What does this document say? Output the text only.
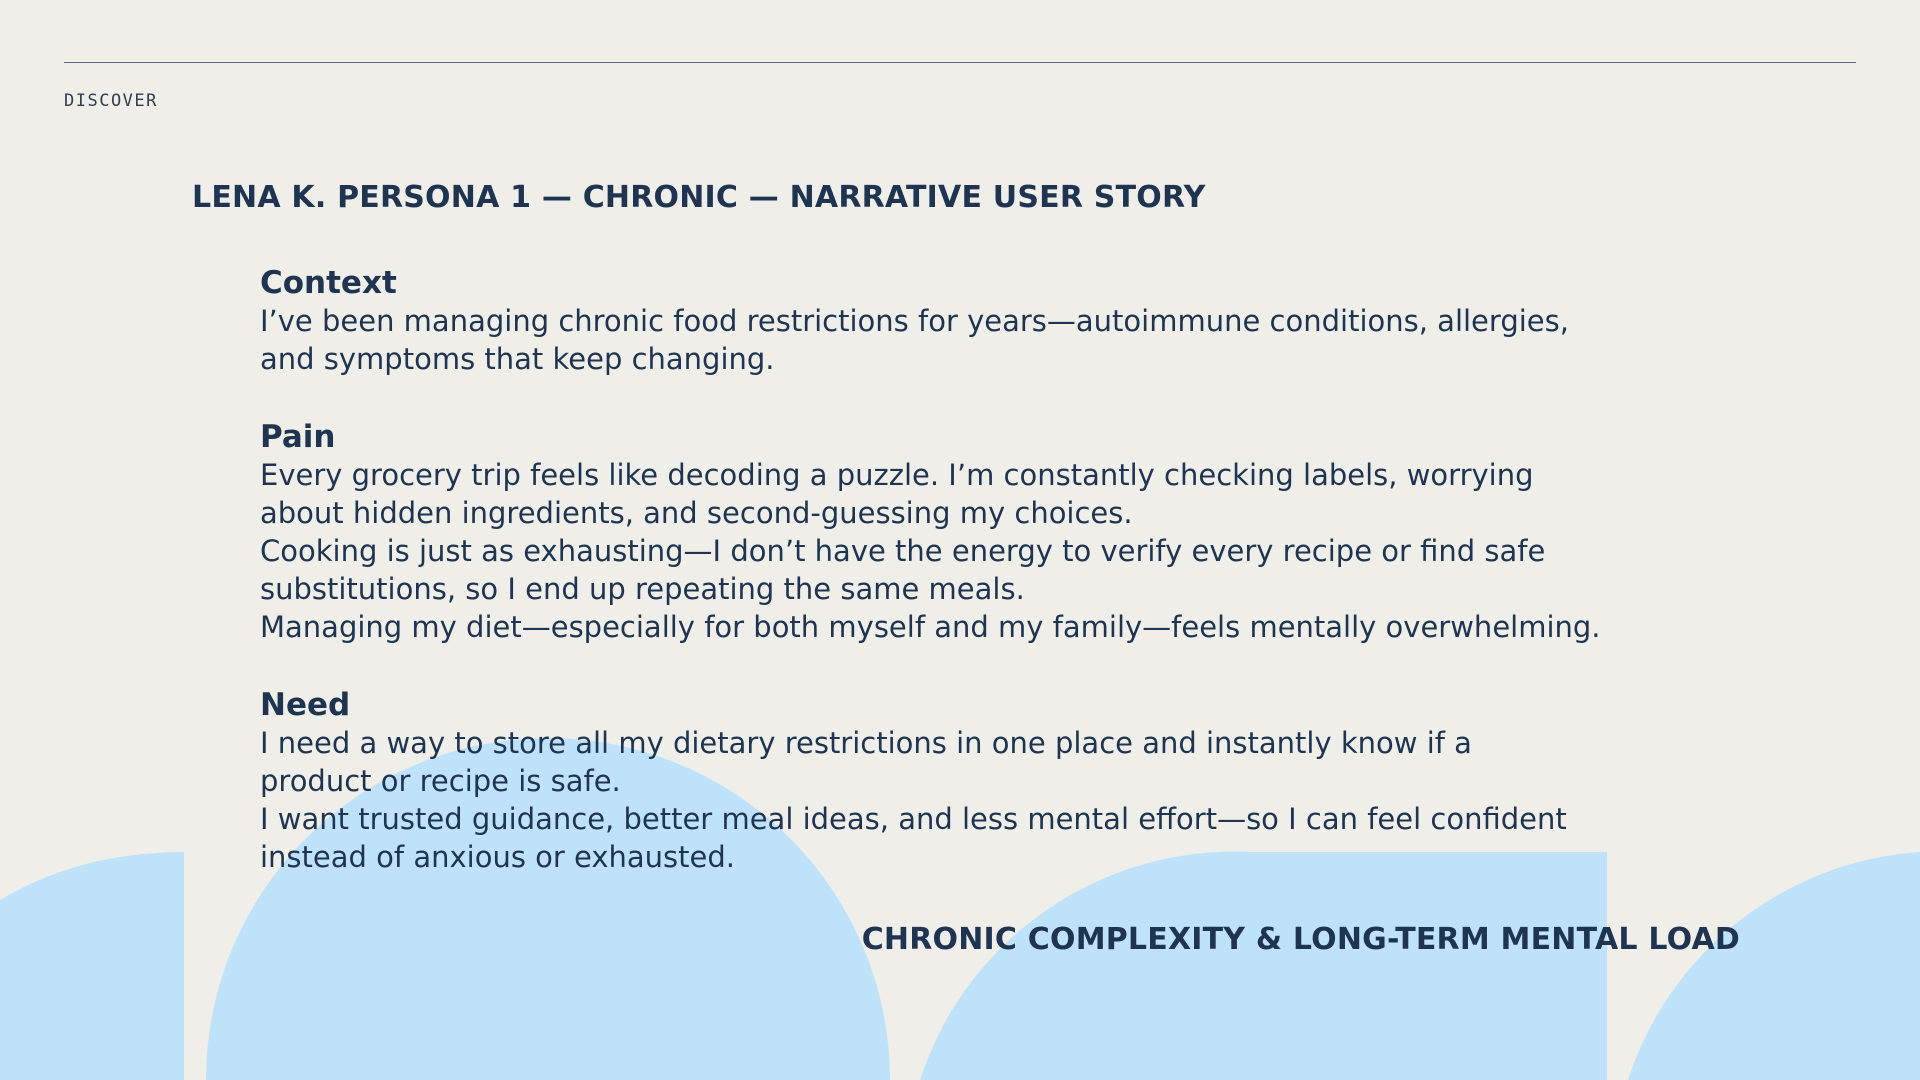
DISCOVER
LENA K. PERSONA 1 — CHRONIC — NARRATIVE USER STORY
Context
I’ve been managing chronic food restrictions for years—autoimmune conditions, allergies,
and symptoms that keep changing.
Pain
Every grocery trip feels like decoding a puzzle. I’m constantly checking labels, worrying
about hidden ingredients, and second-guessing my choices.
Cooking is just as exhausting—I don’t have the energy to verify every recipe or find safe
substitutions, so I end up repeating the same meals.
Managing my diet—especially for both myself and my family—feels mentally overwhelming.
Need
I need a way to store all my dietary restrictions in one place and instantly know if a
product or recipe is safe.
I want trusted guidance, better meal ideas, and less mental effort—so I can feel confident
instead of anxious or exhausted.
CHRONIC COMPLEXITY & LONG-TERM MENTAL LOAD
